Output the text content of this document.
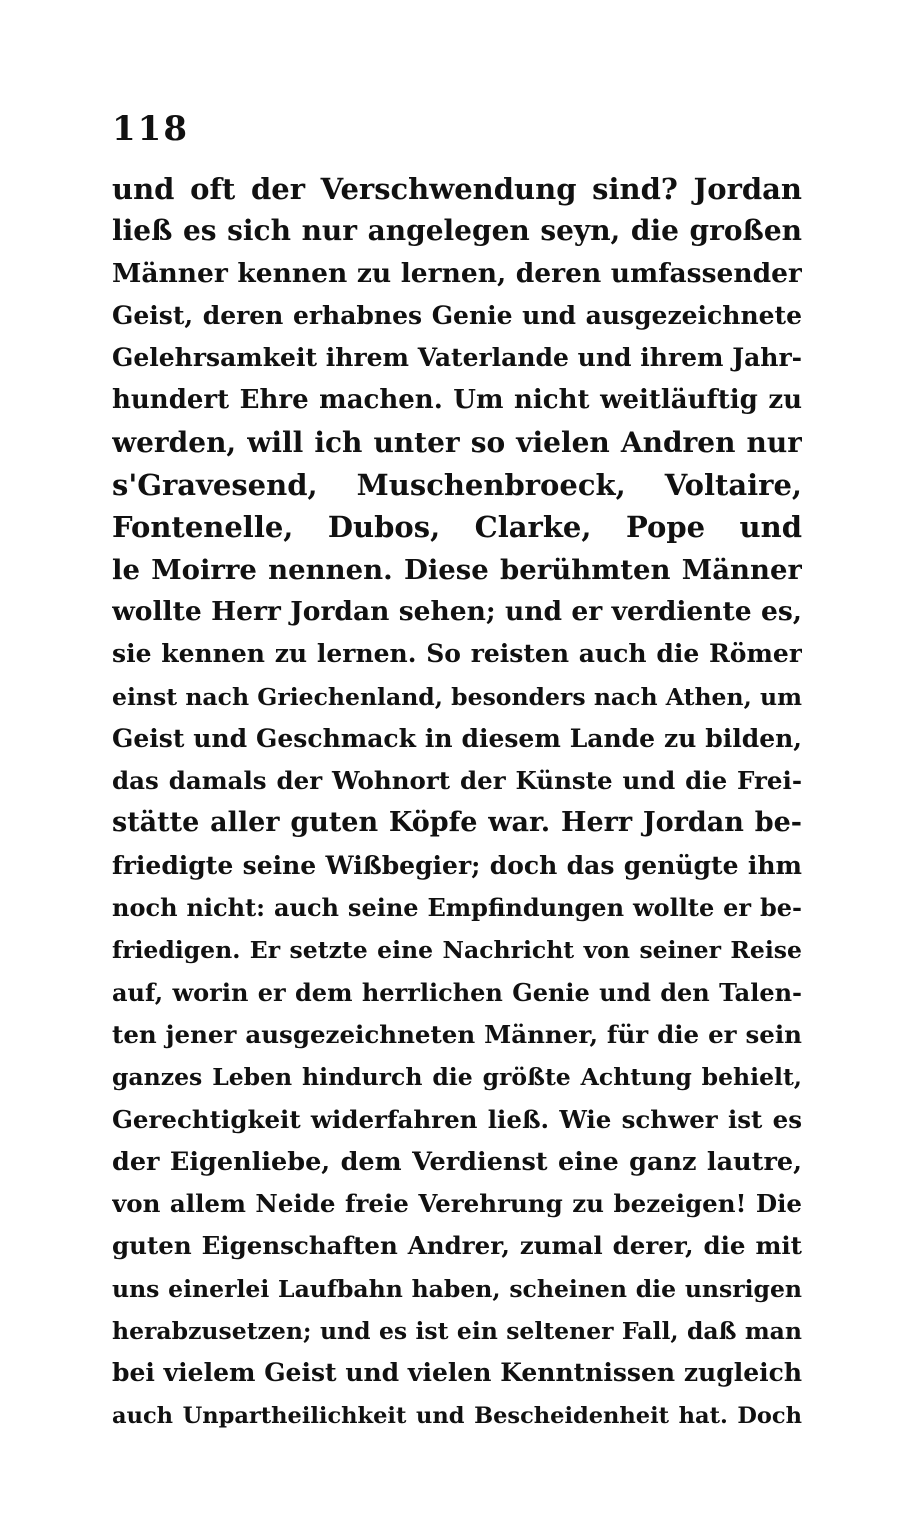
118
und oft der Verschwendung sind? Jordan
ließ es sich nur angelegen seyn, die großen
Männer kennen zu lernen, deren umfassender
Geist, deren erhabnes Genie und ausgezeichnete
Gelehrsamkeit ihrem Vaterlande und ihrem Jahr-
hundert Ehre machen. Um nicht weitläuftig zu
werden, will ich unter so vielen Andren nur
s'Gravesend, Muschenbroeck, Voltaire,
Fontenelle, Dubos, Clarke, Pope und
le Moirre nennen. Diese berühmten Männer
wollte Herr Jordan sehen; und er verdiente es,
sie kennen zu lernen. So reisten auch die Römer
einst nach Griechenland, besonders nach Athen, um
Geist und Geschmack in diesem Lande zu bilden,
das damals der Wohnort der Künste und die Frei-
stätte aller guten Köpfe war. Herr Jordan be-
friedigte seine Wißbegier; doch das genügte ihm
noch nicht: auch seine Empfindungen wollte er be-
friedigen. Er setzte eine Nachricht von seiner Reise
auf, worin er dem herrlichen Genie und den Talen-
ten jener ausgezeichneten Männer, für die er sein
ganzes Leben hindurch die größte Achtung behielt,
Gerechtigkeit widerfahren ließ. Wie schwer ist es
der Eigenliebe, dem Verdienst eine ganz lautre,
von allem Neide freie Verehrung zu bezeigen! Die
guten Eigenschaften Andrer, zumal derer, die mit
uns einerlei Laufbahn haben, scheinen die unsrigen
herabzusetzen; und es ist ein seltener Fall, daß man
bei vielem Geist und vielen Kenntnissen zugleich
auch Unpartheilichkeit und Bescheidenheit hat. Doch
